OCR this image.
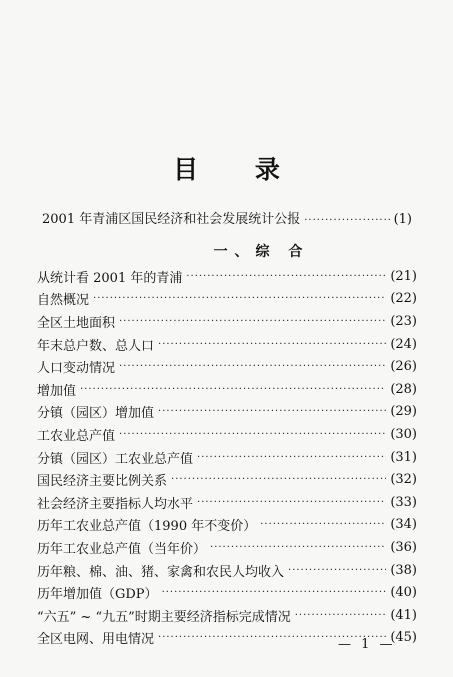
目 录
2001 年青浦区国民经济和社会发展统计公报 ·····	(1)
一、综 合
从统计看 2001 年的青浦 ·····	(21)
自然概况 ·····	(22)
全区土地面积 ·····	(23)
年末总户数、总人口 ·····	(24)
人口变动情况 ·····	(26)
增加值 ·····	(28)
分镇（园区）增加值 ·····	(29)
工农业总产值 ·····	(30)
分镇（园区）工农业总产值 ·····	(31)
国民经济主要比例关系 ·····	(32)
社会经济主要指标人均水平 ·····	(33)
历年工农业总产值（1990 年不变价） ·····	(34)
历年工农业总产值（当年价） ·····	(36)
历年粮、棉、油、猪、家禽和农民人均收入 ·····	(38)
历年增加值（GDP） ·····	(40)
“六五” ~ “九五”时期主要经济指标完成情况 ·····	(41)
全区电网、用电情况 ·····	(45)
— 1 —
